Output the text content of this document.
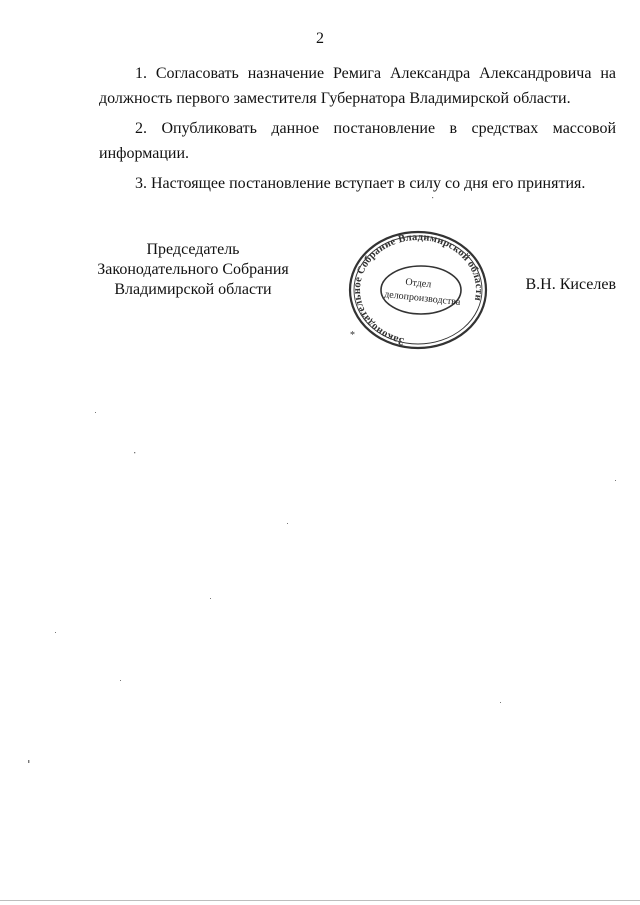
2
1. Согласовать назначение Ремига Александра Александровича на
должность первого заместителя Губернатора Владимирской области.
2. Опубликовать данное постановление в средствах массовой
информации.
3. Настоящее постановление вступает в силу со дня его принятия.
Председатель
Законодательного Собрания
Владимирской области
Законодательное Собрание Владимирской области
*
Отдел
делопроизводства
В.Н. Киселев
